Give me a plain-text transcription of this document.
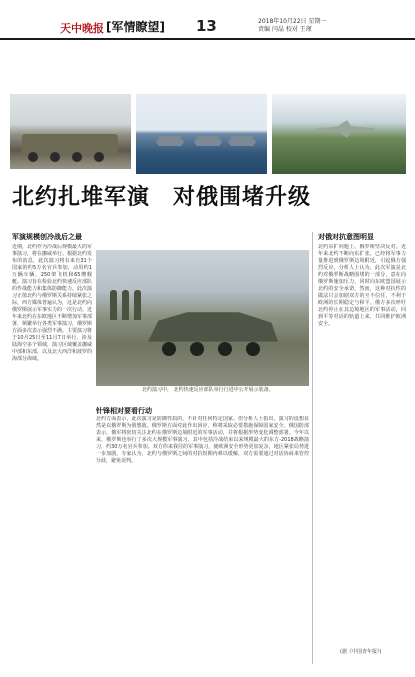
天中晚报 [军情瞭望] 13	2018年10月22日 星期一
责编 闫晶 校对 王瑾
北约扎堆军演　对俄围堵升级
军演规模创冷战后之最
针锋相对要看行动
对俄对抗意图明显
北约演习中， 北约快速反应部队举行行进中公开展示装备。
近期，北约作为冷战后规模最大的军事演习，将在挪威举行。根据北约发布的消息，此次演习将有来自31个国家的约5万名官兵参加，动用约1万辆车辆、250架飞机和65艘舰艇。演习旨在检验北约快速反应部队的作战能力和集体防御能力。此次演习正值北约与俄罗斯关系持续紧张之际，西方媒体普遍认为，这是北约向俄罗斯展示军事实力的一次行动。近年来北约在东欧地区不断增加军事部署，频繁举行各类军事演习，俄罗斯方面多次表示强烈不满。主要演习将于10月25日至11月7日举行，涉及陆海空多个领域，演习区域覆盖挪威中部和东部，以及北大西洋和波罗的海部分海域。
北约方面表示，此次演习是防御性质的，不针对任何特定国家。但分析人士指出，演习的设想显然是以俄罗斯为假想敌。俄罗斯方面对此作出回应，称将采取必要措施保障国家安全。俄国防部表示，俄军将密切关注北约在俄罗斯边境附近的军事活动，并将根据形势变化调整部署。今年以来，俄罗斯也举行了多次大规模军事演习，其中包括冷战结束以来规模最大的东方-2018战略演习，约30万名官兵参加。双方你来我往的军事演习，使欧洲安全形势更加复杂，地区紧张局势进一步加剧。专家认为，北约与俄罗斯之间的对抗短期内难以缓解，双方需要通过对话协商来管控分歧，避免误判。
北约东扩问题上，俄罗斯坚决反对。近年来北约不断向东扩张，已经将军事力量推进到俄罗斯边境附近，引起俄方强烈反应。分析人士认为，此次军演是北约对俄罗斯战略围堵的一部分，意在向俄罗斯施加压力，同时向东欧盟国展示北约的安全承诺。然而，这种对抗性的做法只会加剧双方的互不信任，不利于欧洲的长期稳定与和平。俄方多次呼吁北约停止在其边境地区的军事活动，回到平等对话的轨道上来，共同维护欧洲安全。
(据《中国青年报》)
